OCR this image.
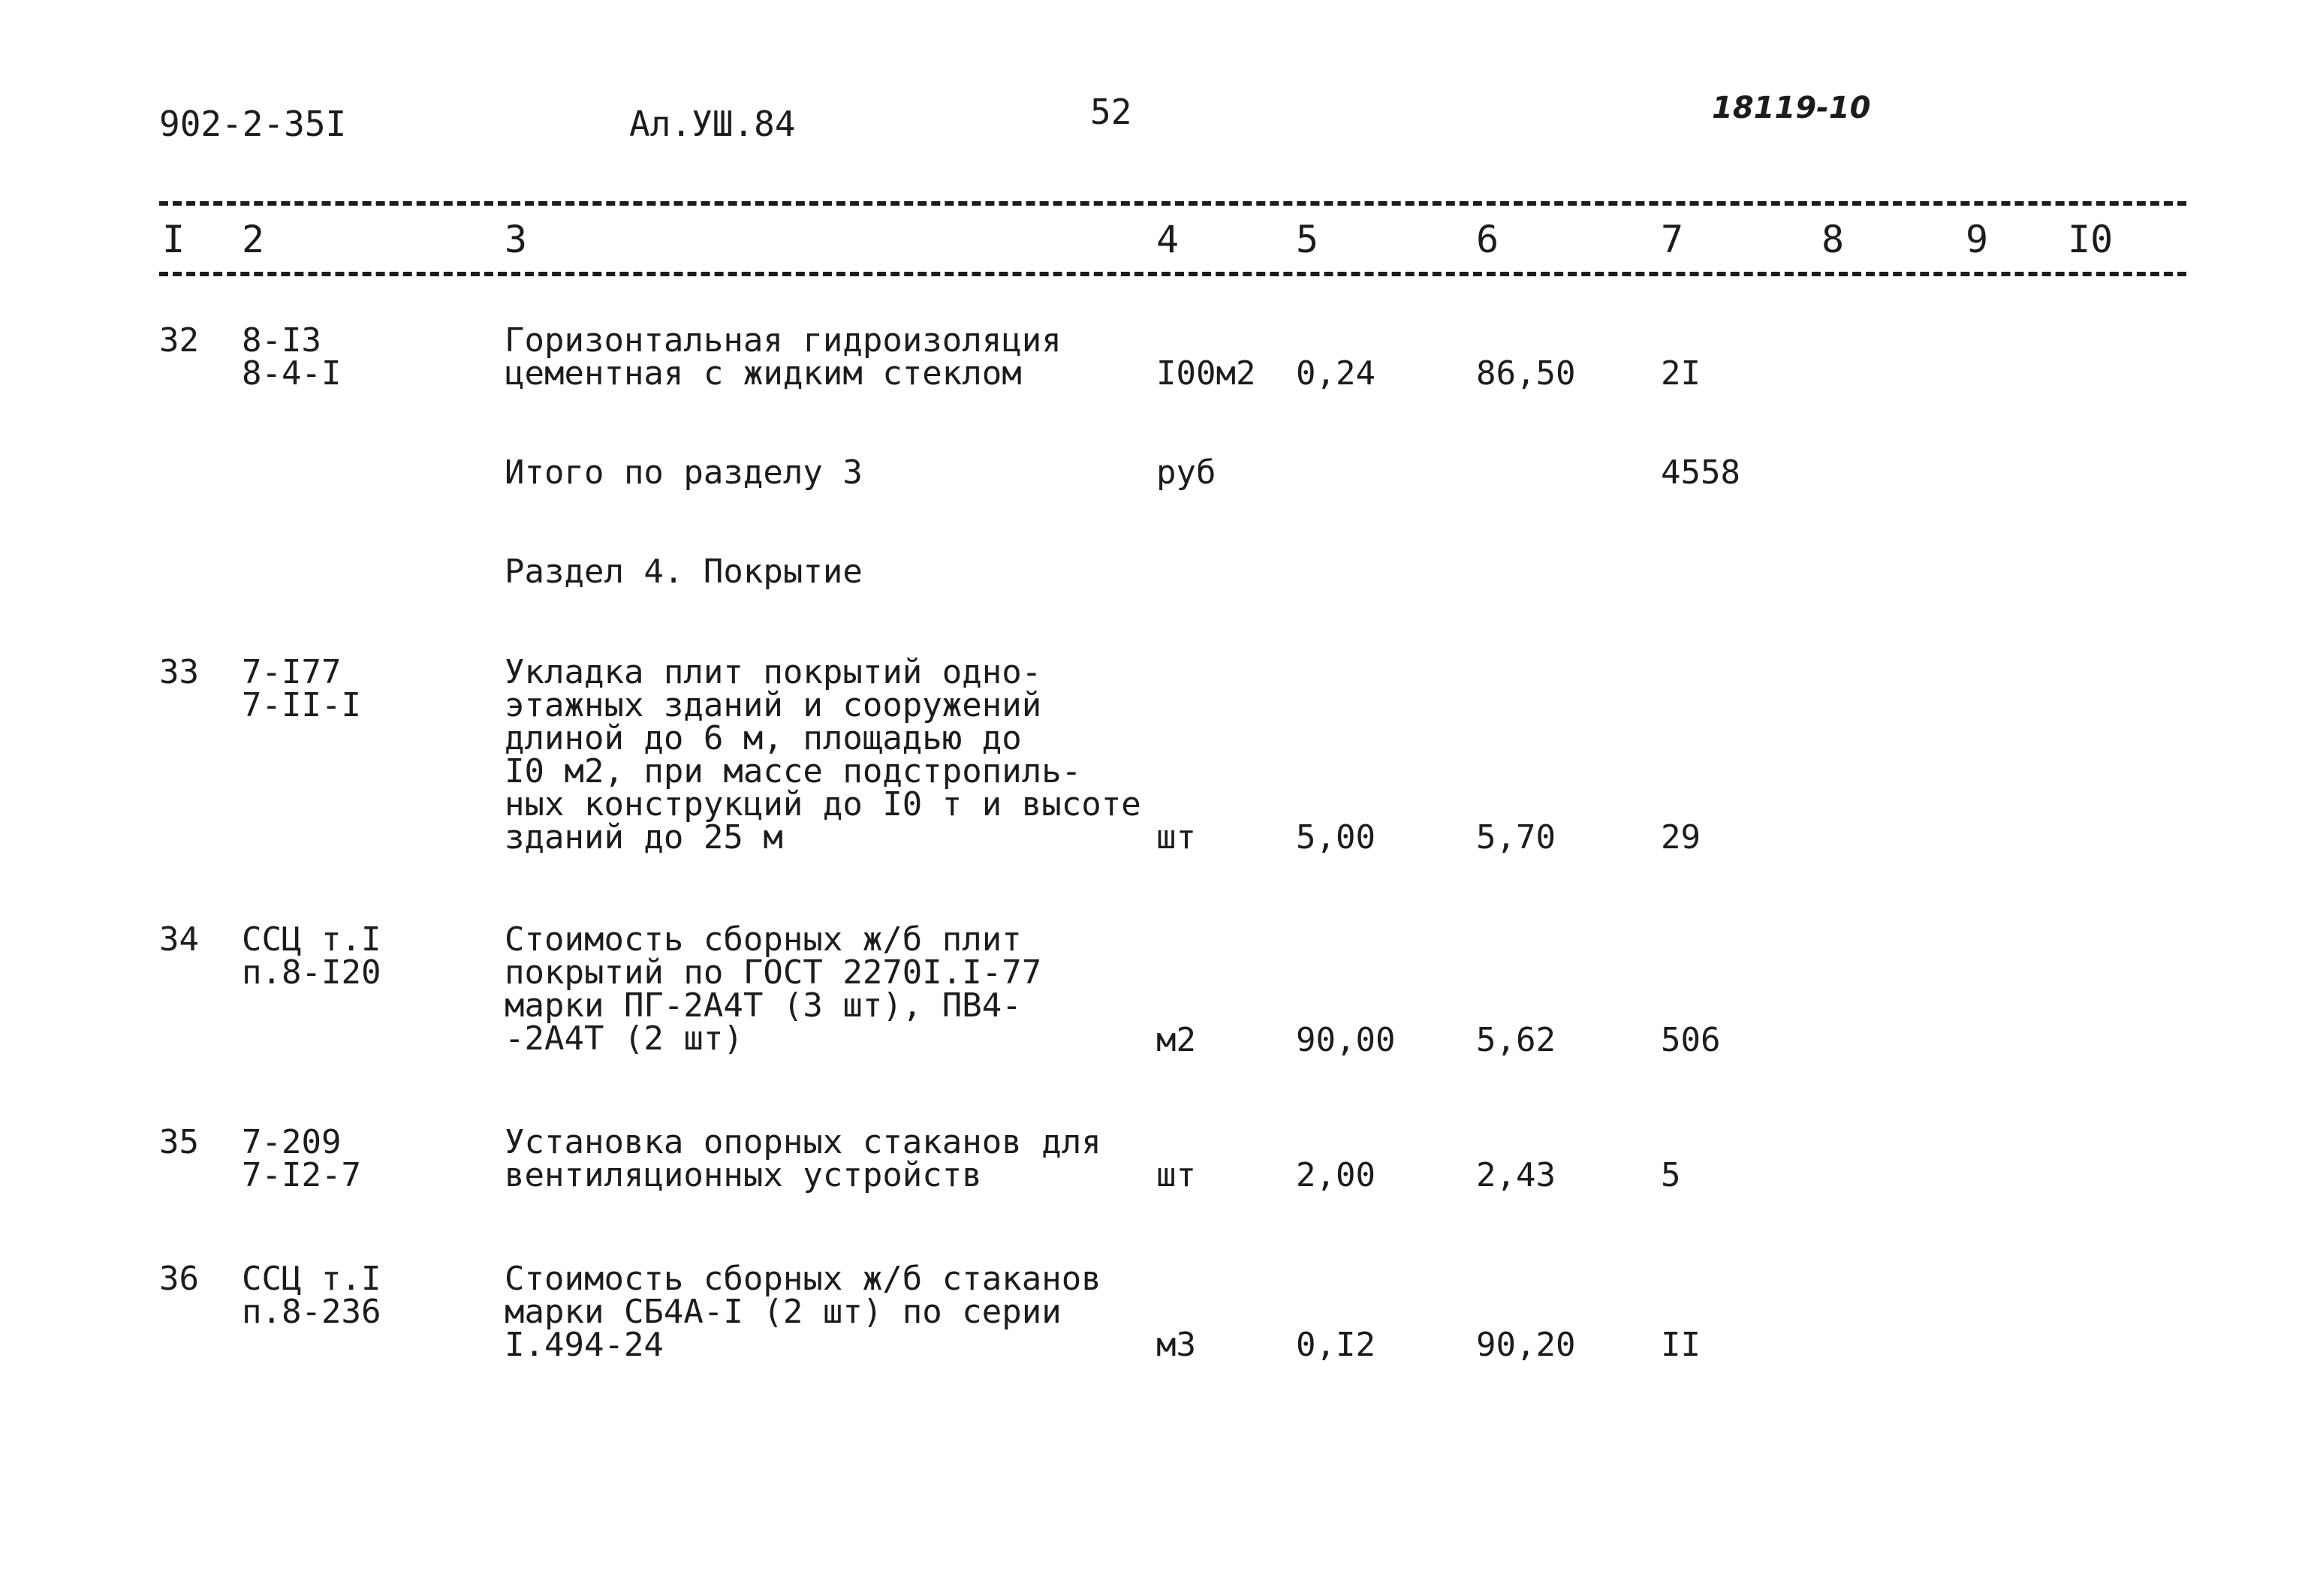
902-2-35I	Ал.УШ.84	52	18119-10
I 2	3	4	5	6	7	8	9 I0
32 8-I3
8-4-I
Горизонтальная гидроизоляция
цементная с жидким стеклом	I00м2 0,24	86,50	2I
Итого по разделу 3	руб	4558
Раздел 4. Покрытие
33 7-I77
7-II-I
Укладка плит покрытий одно-
этажных зданий и сооружений
длиной до 6 м, площадью до
I0 м2, при массе подстропиль-
ных конструкций до I0 т и высоте
зданий до 25 м	шт	5,00	5,70	29
34 ССЦ т.I
п.8-I20
Стоимость сборных ж/б плит
покрытий по ГОСТ 2270I.I-77
марки ПГ-2А4Т (3 шт), ПВ4-
-2А4Т (2 шт)	м2	90,00 5,62	506
35 7-209
7-I2-7
Установка опорных стаканов для
вентиляционных устройств	шт	2,00	2,43	5
36 ССЦ т.I
п.8-236
Стоимость сборных ж/б стаканов
марки СБ4А-I (2 шт) по серии
I.494-24	м3	0,I2	90,20	II
